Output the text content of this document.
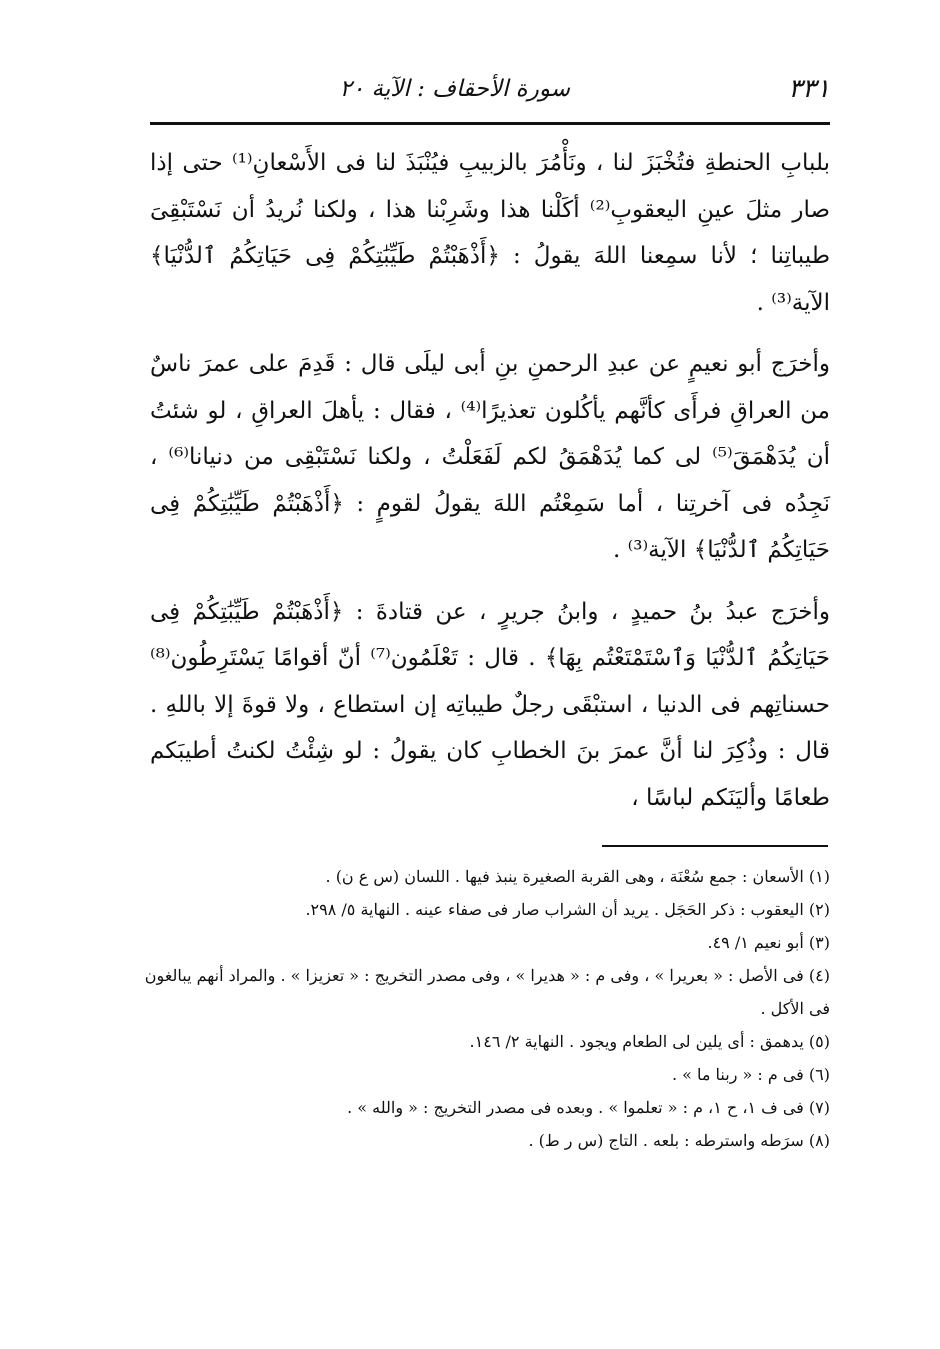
٣٣١
سورة الأحقاف : الآية ٢٠

بلبابِ الحنطةِ فتُخْبَزَ لنا ، ونَأْمُرَ بالزبيبِ فيُنْبَذَ لنا فى الأَسْعانِ⁽¹⁾ حتى إذا صار مثلَ عينِ اليعقوبِ⁽²⁾ أكَلْنا هذا وشَرِبْنا هذا ، ولكنا نُريدُ أن نَسْتَبْقِىَ طيباتِنا ؛ لأنا سمِعنا اللهَ يقولُ : ﴿أَذْهَبْتُمْ طَيِّبَٰتِكُمْ فِى حَيَاتِكُمُ ٱلدُّنْيَا﴾ الآية⁽³⁾ .

وأخرَج أبو نعيمٍ عن عبدِ الرحمنِ بنِ أبى ليلَى قال : قَدِمَ على عمرَ ناسٌ من العراقِ فرأَى كأنَّهم يأكُلون تعذيرًا⁽⁴⁾ ، فقال : يأهلَ العراقِ ، لو شئتُ أن يُدَهْمَقَ⁽⁵⁾ لى كما يُدَهْمَقُ لكم لَفَعَلْتُ ، ولكنا نَسْتَبْقِى من دنيانا⁽⁶⁾ ، نَجِدُه فى آخرتِنا ، أما سَمِعْتُم اللهَ يقولُ لقومٍ : ﴿أَذْهَبْتُمْ طَيِّبَٰتِكُمْ فِى حَيَاتِكُمُ ٱلدُّنْيَا﴾ الآية⁽³⁾ .

وأخرَج عبدُ بنُ حميدٍ ، وابنُ جريرٍ ، عن قتادةَ : ﴿أَذْهَبْتُمْ طَيِّبَٰتِكُمْ فِى حَيَاتِكُمُ ٱلدُّنْيَا وَٱسْتَمْتَعْتُم بِهَا﴾ . قال : تَعْلَمُون⁽⁷⁾ أنّ أقوامًا يَسْتَرِطُون⁽⁸⁾ حسناتِهم فى الدنيا ، استبْقَى رجلٌ طيباتِه إن استطاع ، ولا قوةَ إلا باللهِ . قال : وذُكِرَ لنا أنَّ عمرَ بنَ الخطابِ كان يقولُ : لو شِئْتُ لكنتُ أطيبَكم طعامًا وأليَنَكم لباسًا ،

(١) الأسعان : جمع سُعْنَة ، وهى القربة الصغيرة ينبذ فيها . اللسان (س ع ن) .

(٢) اليعقوب : ذكر الحَجَل . يريد أن الشراب صار فى صفاء عينه . النهاية ٥/ ٢٩٨.

(٣) أبو نعيم ١/ ٤٩.

(٤) فى الأصل : « بعريرا » ، وفى م : « هديرا » ، وفى مصدر التخريج : « تعزيزا » . والمراد أنهم يبالغون فى الأكل .

(٥) يدهمق : أى يلين لى الطعام ويجود . النهاية ٢/ ١٤٦.

(٦) فى م : « ربنا ما » .

(٧) فى ف ١، ح ١، م : « تعلموا » . وبعده فى مصدر التخريج : « والله » .

(٨) سرَطه واسترطه : بلعه . التاج (س ر ط) .
